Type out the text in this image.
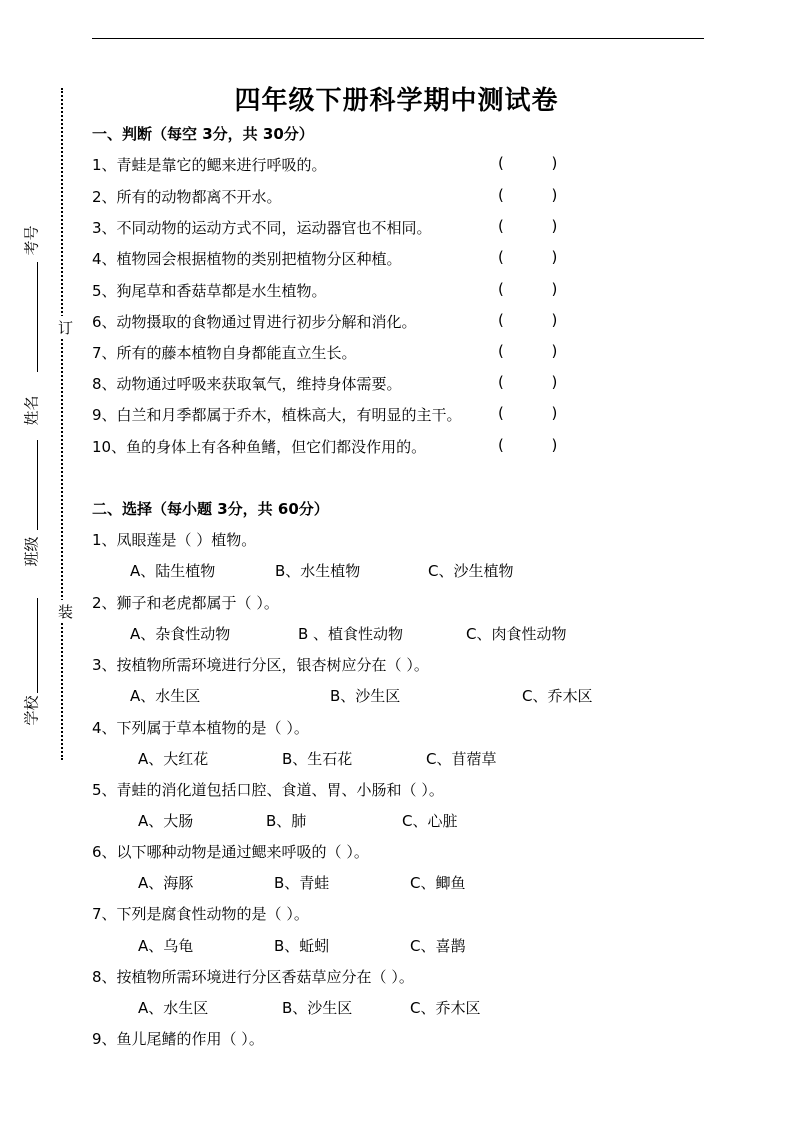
订
装
考号
姓名
班级
学校
四年级下册科学期中测试卷
一、判断（每空 3分，共 30分）
1、青蛙是靠它的鳃来进行呼吸的。	(          )
2、所有的动物都离不开水。	(          )
3、不同动物的运动方式不同，运动器官也不相同。	(          )
4、植物园会根据植物的类别把植物分区种植。	(          )
5、狗尾草和香菇草都是水生植物。	(          )
6、动物摄取的食物通过胃进行初步分解和消化。	(          )
7、所有的藤本植物自身都能直立生长。	(          )
8、动物通过呼吸来获取氧气，维持身体需要。	(          )
9、白兰和月季都属于乔木，植株高大，有明显的主干。 (          )
10、鱼的身体上有各种鱼鳍，但它们都没作用的。	(          )
二、选择（每小题 3分，共 60分）
1、凤眼莲是（ ）植物。
A、陆生植物	B、水生植物	C、沙生植物
2、狮子和老虎都属于（ ）。
A、杂食性动物	B 、植食性动物	C、肉食性动物
3、按植物所需环境进行分区，银杏树应分在（ ）。
A、水生区	B、沙生区	C、乔木区
4、下列属于草本植物的是（ ）。
A、大红花	B、生石花	C、苜蓿草
5、青蛙的消化道包括口腔、食道、胃、小肠和（ ）。
A、大肠	B、肺	C、心脏
6、以下哪种动物是通过鳃来呼吸的（ ）。
A、海豚	B、青蛙	C、鲫鱼
7、下列是腐食性动物的是（ ）。
A、乌龟	B、蚯蚓	C、喜鹊
8、按植物所需环境进行分区香菇草应分在（ ）。
A、水生区	B、沙生区	C、乔木区
9、鱼儿尾鳍的作用（ ）。
